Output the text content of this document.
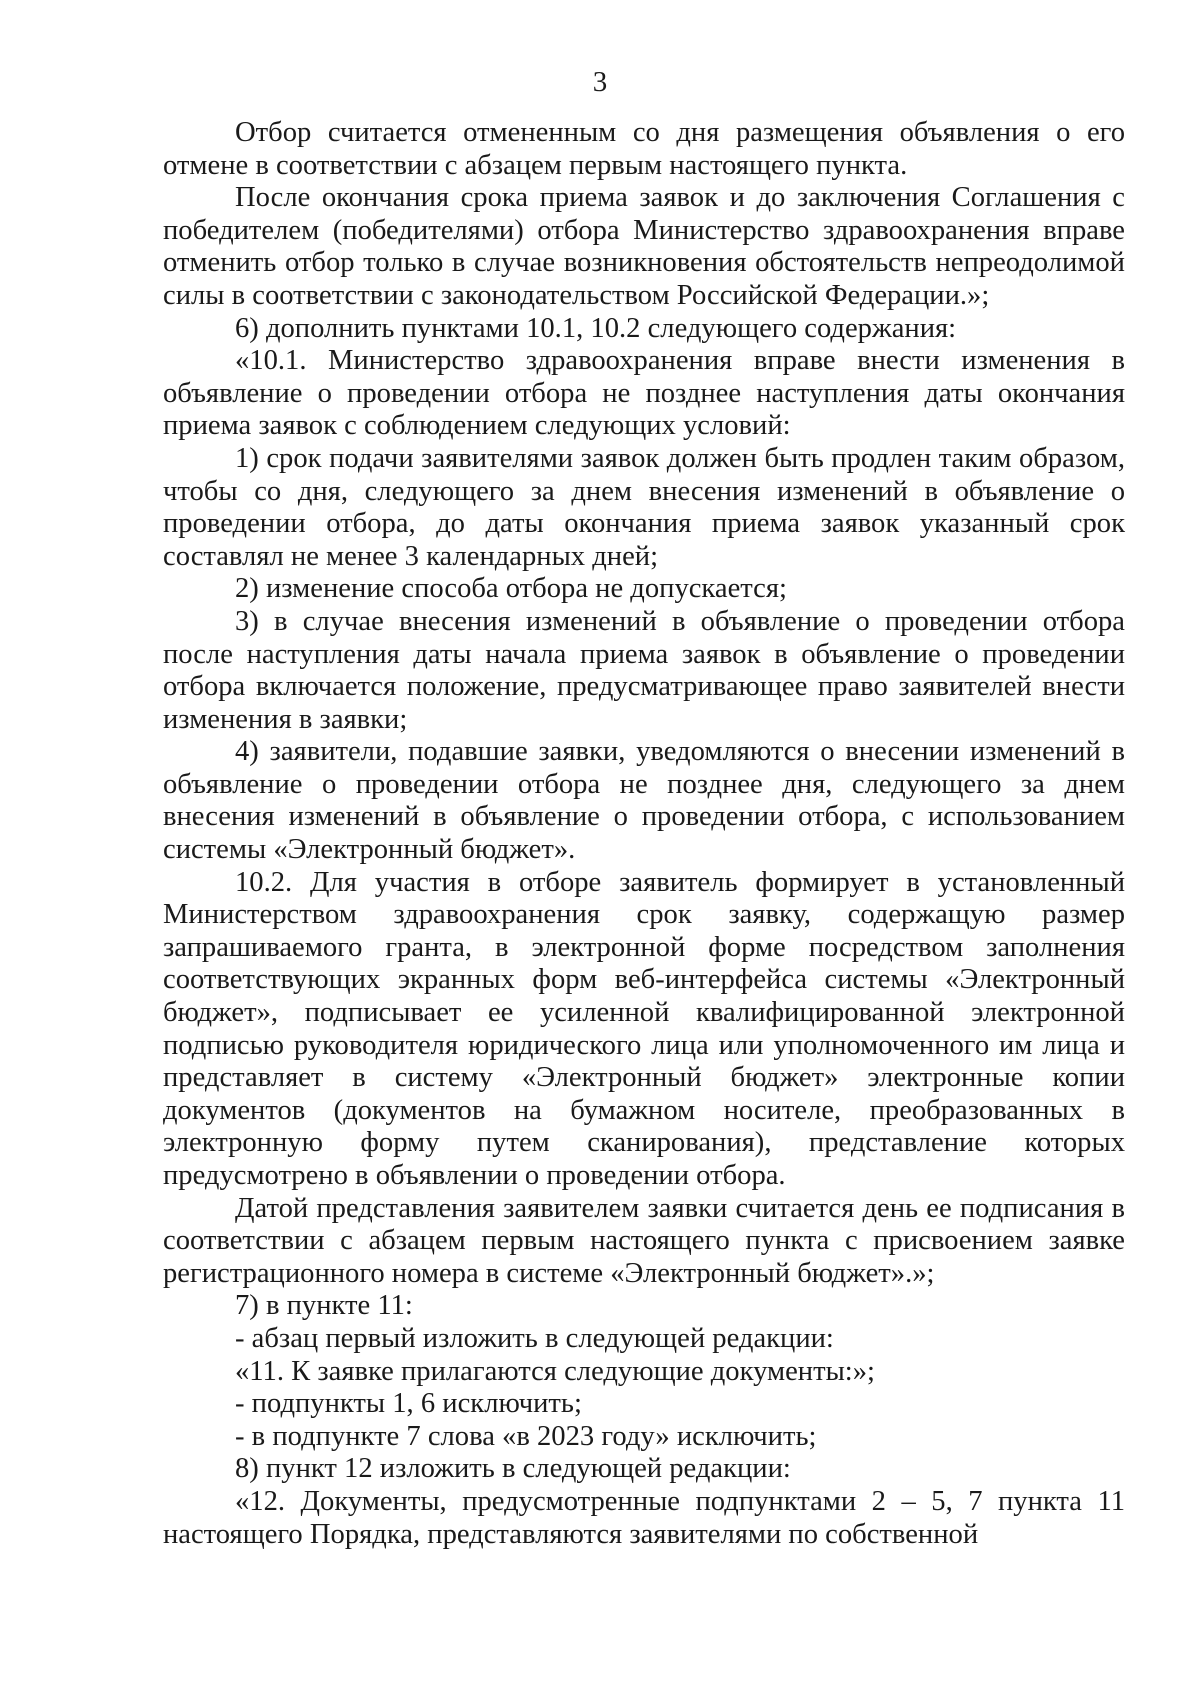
3

Отбор считается отмененным со дня размещения объявления о его отмене в соответствии с абзацем первым настоящего пункта.

После окончания срока приема заявок и до заключения Соглашения с победителем (победителями) отбора Министерство здравоохранения вправе отменить отбор только в случае возникновения обстоятельств непреодолимой силы в соответствии с законодательством Российской Федерации.»;

6) дополнить пунктами 10.1, 10.2 следующего содержания:

«10.1. Министерство здравоохранения вправе внести изменения в объявление о проведении отбора не позднее наступления даты окончания приема заявок с соблюдением следующих условий:

1) срок подачи заявителями заявок должен быть продлен таким образом, чтобы со дня, следующего за днем внесения изменений в объявление о проведении отбора, до даты окончания приема заявок указанный срок составлял не менее 3 календарных дней;

2) изменение способа отбора не допускается;

3) в случае внесения изменений в объявление о проведении отбора после наступления даты начала приема заявок в объявление о проведении отбора включается положение, предусматривающее право заявителей внести изменения в заявки;

4) заявители, подавшие заявки, уведомляются о внесении изменений в объявление о проведении отбора не позднее дня, следующего за днем внесения изменений в объявление о проведении отбора, с использованием системы «Электронный бюджет».

10.2. Для участия в отборе заявитель формирует в установленный Министерством здравоохранения срок заявку, содержащую размер запрашиваемого гранта, в электронной форме посредством заполнения соответствующих экранных форм веб-интерфейса системы «Электронный бюджет», подписывает ее усиленной квалифицированной электронной подписью руководителя юридического лица или уполномоченного им лица и представляет в систему «Электронный бюджет» электронные копии документов (документов на бумажном носителе, преобразованных в электронную форму путем сканирования), представление которых предусмотрено в объявлении о проведении отбора.

Датой представления заявителем заявки считается день ее подписания в соответствии с абзацем первым настоящего пункта с присвоением заявке регистрационного номера в системе «Электронный бюджет».»;

7) в пункте 11:

- абзац первый изложить в следующей редакции:

«11. К заявке прилагаются следующие документы:»;

- подпункты 1, 6 исключить;

- в подпункте 7 слова «в 2023 году» исключить;

8) пункт 12 изложить в следующей редакции:

«12. Документы, предусмотренные подпунктами 2 – 5, 7 пункта 11 настоящего Порядка, представляются заявителями по собственной
